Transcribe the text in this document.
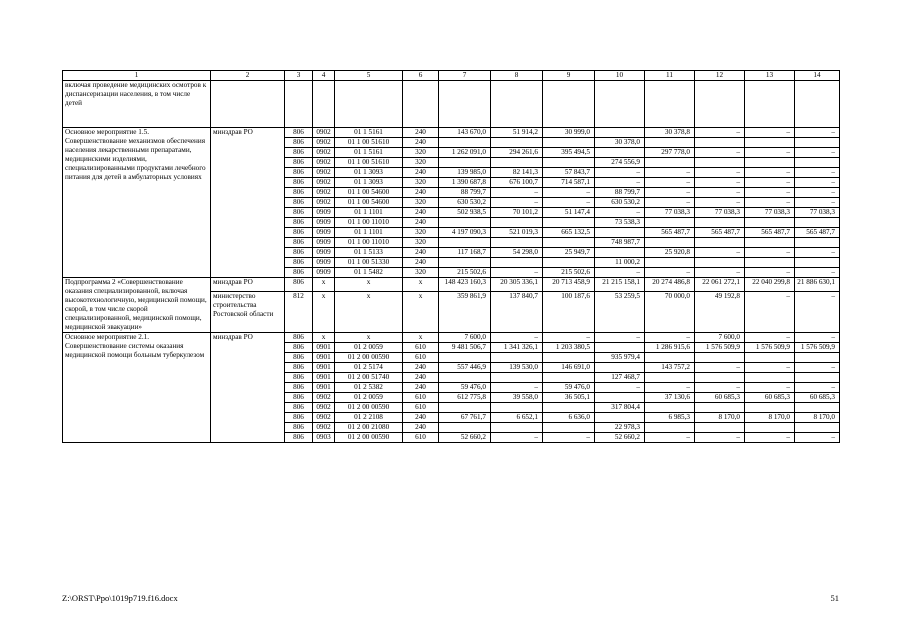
1	2	3	4	5	6	7	8	9	10	11	12	13	14
включая проведение медицинских осмотров к диспансеризации населения, в том числе детей													
Основное мероприятие 1.5. Совершенствование механизмов обеспечения населения лекарственными препаратами, медицинскими изделиями, специализированными продуктами лечебного питания для детей в амбулаторных условиях	минздрав РО	806	0902	01 1 5161	240	143 670,0	51 914,2	30 999,0		30 378,8	–	–	–
		806	0902	01 1 00 51610	240				30 378,0				
		806	0902	01 1 5161	320	1 262 091,0	294 261,6	395 494,5		297 778,0	–	–	–
		806	0902	01 1 00 51610	320				274 556,9				
		806	0902	01 1 3093	240	139 985,0	82 141,3	57 843,7	–	–	–	–	–
		806	0902	01 1 3093	320	1 390 687,8	676 100,7	714 587,1	–	–	–	–	–
		806	0902	01 1 00 54600	240	88 799,7	–	–	88 799,7	–	–	–	–
		806	0902	01 1 00 54600	320	630 530,2	–	–	630 530,2	–	–	–	–
		806	0909	01 1 1101	240	502 938,5	70 101,2	51 147,4	–	77 038,3	77 038,3	77 038,3	77 038,3
		806	0909	01 1 00 11010	240				73 538,3				
		806	0909	01 1 1101	320	4 197 090,3	521 019,3	665 132,5		565 487,7	565 487,7	565 487,7	565 487,7
		806	0909	01 1 00 11010	320				748 987,7				
		806	0909	01 1 5133	240	117 168,7	54 298,0	25 949,7		25 920,8	–	–	–
		806	0909	01 1 00 51330	240				11 000,2				
		806	0909	01 1 5482	320	215 502,6	–	215 502,6	–	–	–	–	–
Подпрограмма 2 «Совершенствование оказания специализированной, включая высокотехнологичную, медицинской помощи, скорой, в том числе скорой специализированной, медицинской помощи, медицинской эвакуации»	минздрав РО	806	х	х	х	148 423 160,3	20 305 336,1	20 713 458,9	21 215 158,1	20 274 486,8	22 061 272,1	22 040 299,8	21 886 630,1
	министерство строительства Ростовской области	812	х	х	х	359 861,9	137 840,7	100 187,6	53 259,5	70 000,0	49 192,8	–	–
Основное мероприятие 2.1. Совершенствование системы оказания медицинской помощи больным туберкулезом	минздрав РО	806	х	х	х	7 600,0	–	–	–	–	7 600,0	–	–
		806	0901	01 2 0059	610	9 481 506,7	1 341 326,1	1 203 380,5		1 286 915,6	1 576 509,9	1 576 509,9	1 576 509,9
		806	0901	01 2 00 00590	610				935 979,4				
		806	0901	01 2 5174	240	557 446,9	139 530,0	146 691,0		143 757,2	–	–	–
		806	0901	01 2 00 51740	240				127 468,7				
		806	0901	01 2 5382	240	59 476,0	–	59 476,0	–	–	–	–	–
		806	0902	01 2 0059	610	612 775,8	39 558,0	36 505,1		37 130,6	60 685,3	60 685,3	60 685,3
		806	0902	01 2 00 00590	610				317 804,4				
		806	0902	01 2 2108	240	67 761,7	6 652,1	6 636,0		6 985,3	8 170,0	8 170,0	8 170,0
		806	0902	01 2 00 21080	240				22 978,3				
		806	0903	01 2 00 00590	610	52 660,2	–	–	52 660,2	–	–	–	–
Z:\ORST\Ppo\1019p719.f16.docx	51
